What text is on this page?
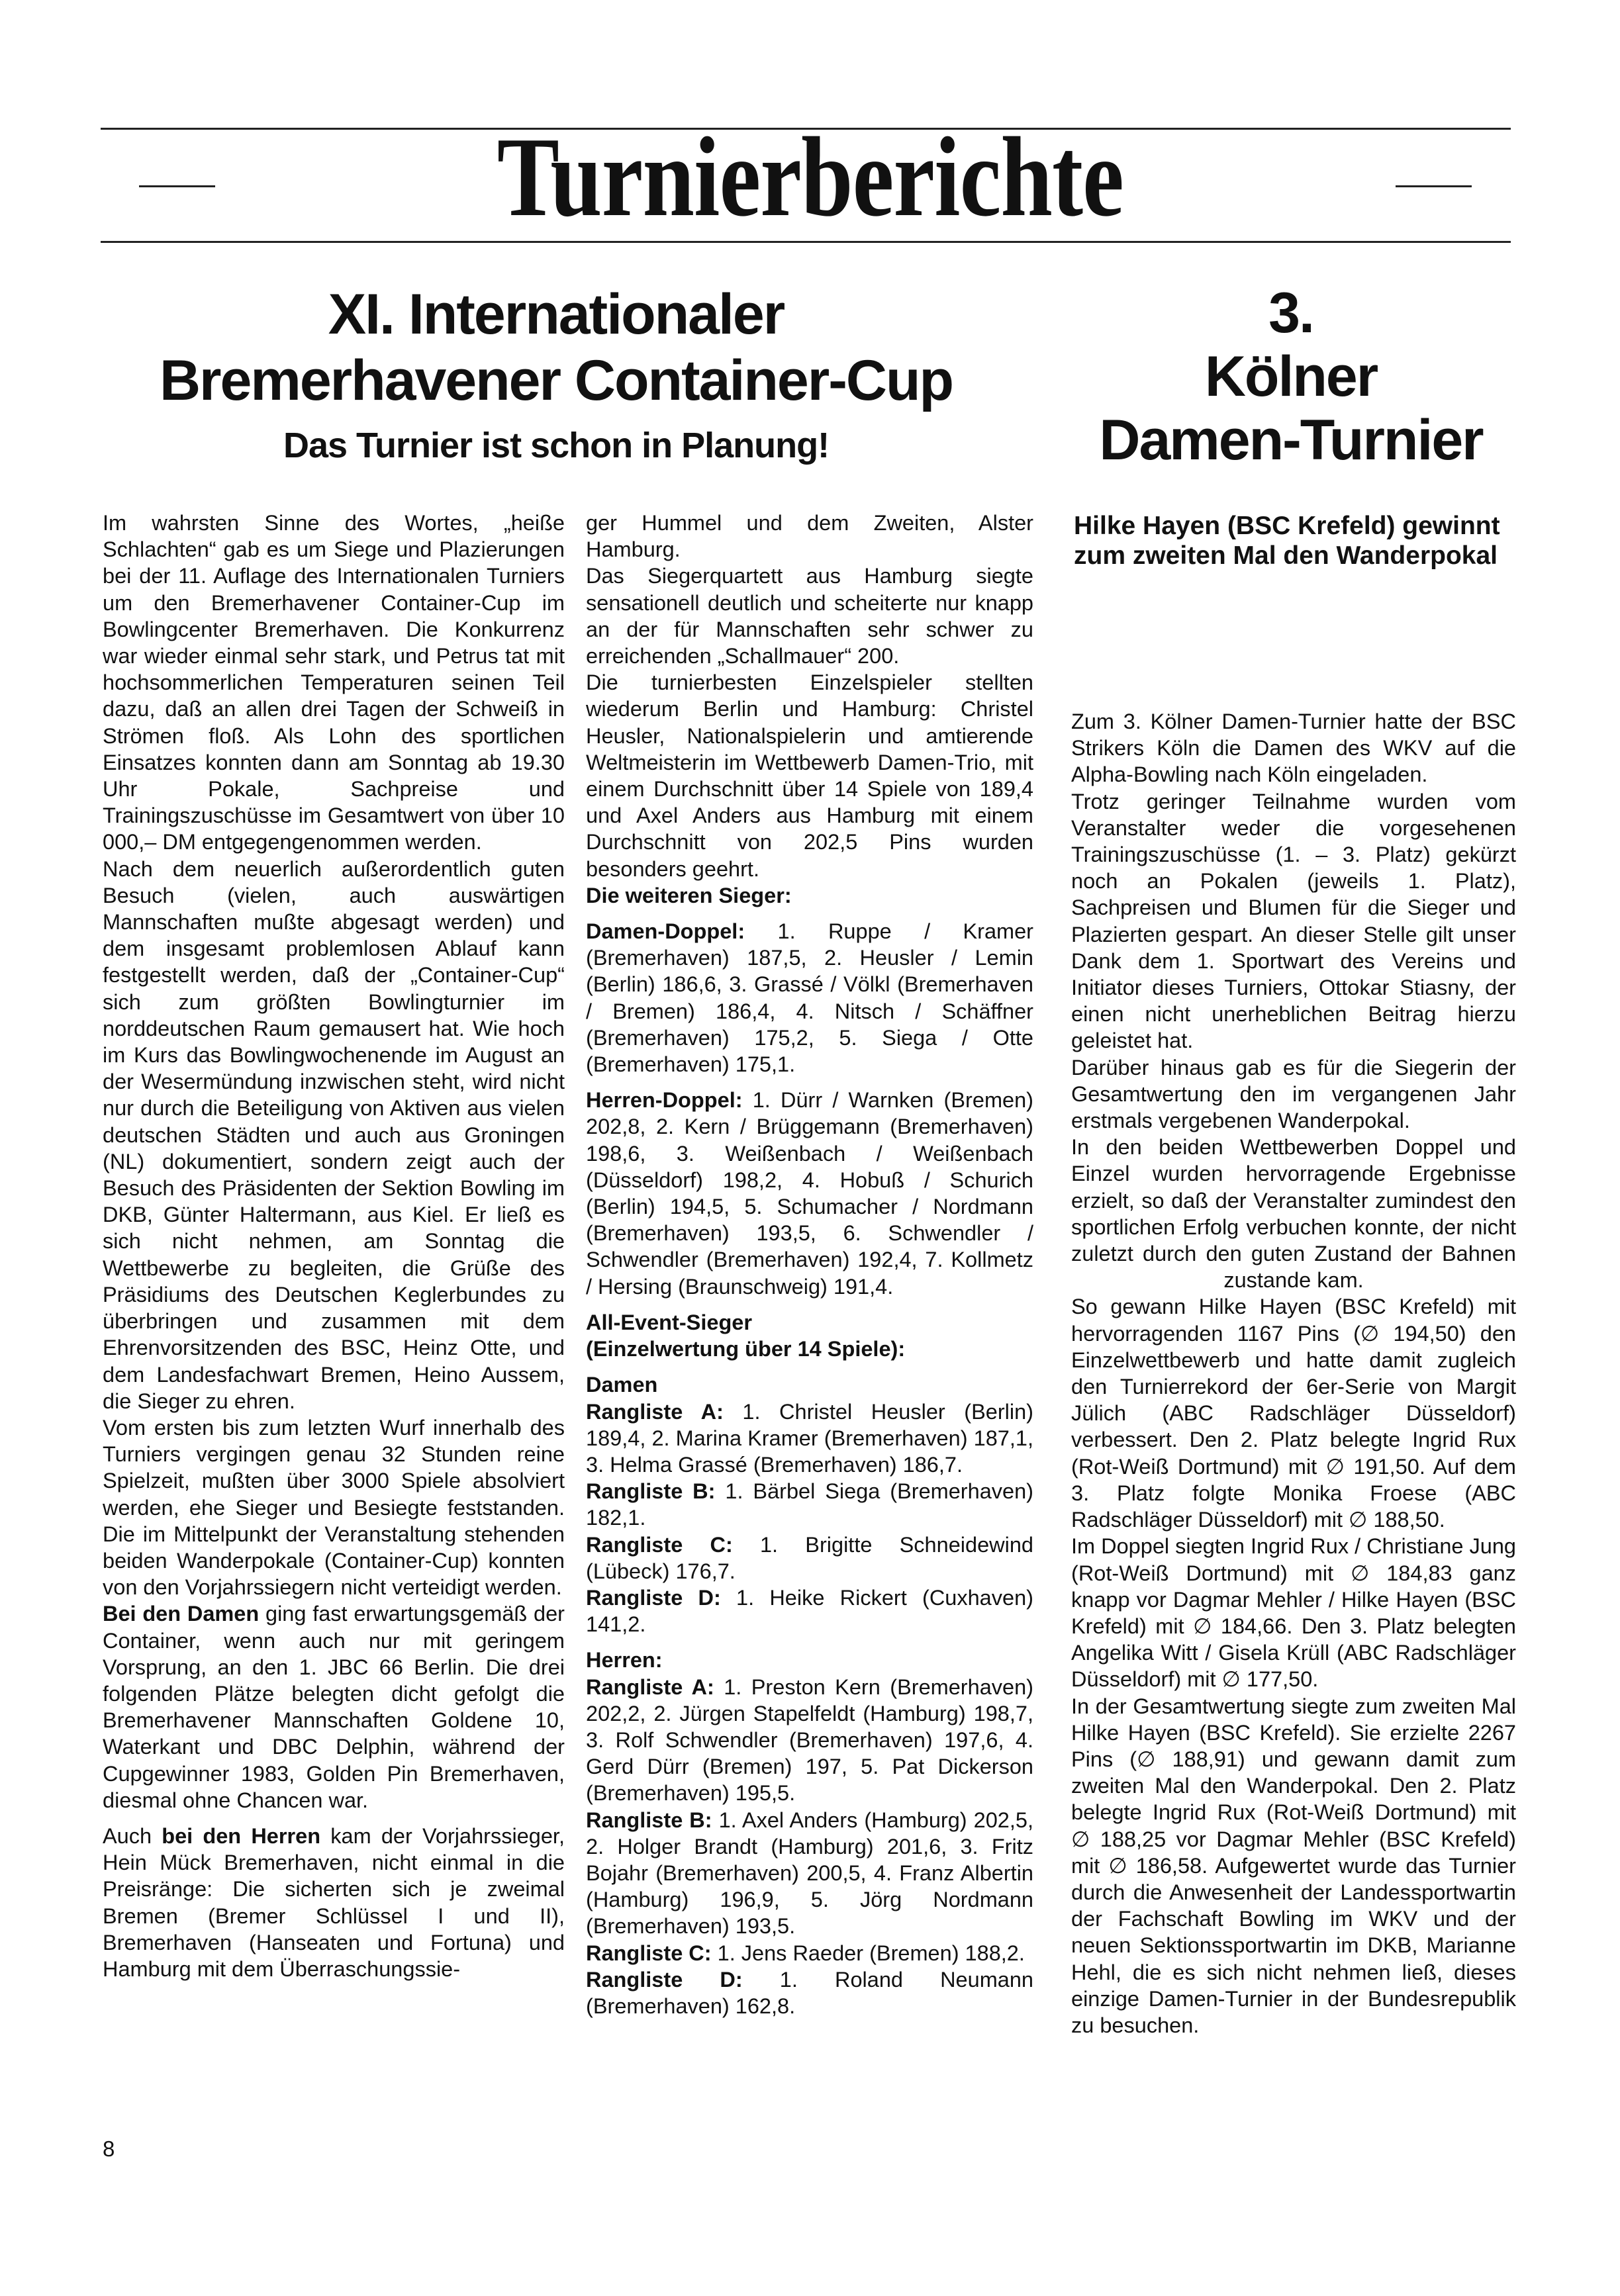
Turnierberichte
XI. Internationaler
Bremerhavener Container-Cup
Das Turnier ist schon in Planung!
3.
Kölner
Damen-Turnier
Hilke Hayen (BSC Krefeld) gewinnt zum zweiten Mal den Wanderpokal

Im wahrsten Sinne des Wortes, „heiße Schlachten“ gab es um Siege und Plazierungen bei der 11. Auflage des Internationalen Turniers um den Bremerhavener Container-Cup im Bowlingcenter Bremerhaven. Die Konkurrenz war wieder einmal sehr stark, und Petrus tat mit hochsommerlichen Temperaturen seinen Teil dazu, daß an allen drei Tagen der Schweiß in Strömen floß. Als Lohn des sportlichen Einsatzes konnten dann am Sonntag ab 19.30 Uhr Pokale, Sachpreise und Trainingszuschüsse im Gesamtwert von über 10 000,– DM entgegengenommen werden.

Nach dem neuerlich außerordentlich guten Besuch (vielen, auch auswärtigen Mannschaften mußte abgesagt werden) und dem insgesamt problemlosen Ablauf kann festgestellt werden, daß der „Container-Cup“ sich zum größten Bowlingturnier im norddeutschen Raum gemausert hat. Wie hoch im Kurs das Bowlingwochenende im August an der Wesermündung inzwischen steht, wird nicht nur durch die Beteiligung von Aktiven aus vielen deutschen Städten und auch aus Groningen (NL) dokumentiert, sondern zeigt auch der Besuch des Präsidenten der Sektion Bowling im DKB, Günter Haltermann, aus Kiel. Er ließ es sich nicht nehmen, am Sonntag die Wettbewerbe zu begleiten, die Grüße des Präsidiums des Deutschen Keglerbundes zu überbringen und zusammen mit dem Ehrenvorsitzenden des BSC, Heinz Otte, und dem Landesfachwart Bremen, Heino Aussem, die Sieger zu ehren.

Vom ersten bis zum letzten Wurf innerhalb des Turniers vergingen genau 32 Stunden reine Spielzeit, mußten über 3000 Spiele absolviert werden, ehe Sieger und Besiegte feststanden. Die im Mittelpunkt der Veranstaltung stehenden beiden Wanderpokale (Container-Cup) konnten von den Vorjahrssiegern nicht verteidigt werden.

Bei den Damen ging fast erwartungsgemäß der Container, wenn auch nur mit geringem Vorsprung, an den 1. JBC 66 Berlin. Die drei folgenden Plätze belegten dicht gefolgt die Bremerhavener Mannschaften Goldene 10, Waterkant und DBC Delphin, während der Cupgewinner 1983, Golden Pin Bremerhaven, diesmal ohne Chancen war.

Auch bei den Herren kam der Vorjahrssieger, Hein Mück Bremerhaven, nicht einmal in die Preisränge: Die sicherten sich je zweimal Bremen (Bremer Schlüssel I und II), Bremerhaven (Hanseaten und Fortuna) und Hamburg mit dem Überraschungssie-

ger Hummel und dem Zweiten, Alster Hamburg.

Das Siegerquartett aus Hamburg siegte sensationell deutlich und scheiterte nur knapp an der für Mannschaften sehr schwer zu erreichenden „Schallmauer“ 200.

Die turnierbesten Einzelspieler stellten wiederum Berlin und Hamburg: Christel Heusler, Nationalspielerin und amtierende Weltmeisterin im Wettbewerb Damen-Trio, mit einem Durchschnitt über 14 Spiele von 189,4 und Axel Anders aus Hamburg mit einem Durchschnitt von 202,5 Pins wurden besonders geehrt.

Die weiteren Sieger:

Damen-Doppel: 1. Ruppe / Kramer (Bremerhaven) 187,5, 2. Heusler / Lemin (Berlin) 186,6, 3. Grassé / Völkl (Bremerhaven / Bremen) 186,4, 4. Nitsch / Schäffner (Bremerhaven) 175,2, 5. Siega / Otte (Bremerhaven) 175,1.

Herren-Doppel: 1. Dürr / Warnken (Bremen) 202,8, 2. Kern / Brüggemann (Bremerhaven) 198,6, 3. Weißenbach / Weißenbach (Düsseldorf) 198,2, 4. Hobuß / Schurich (Berlin) 194,5, 5. Schumacher / Nordmann (Bremerhaven) 193,5, 6. Schwendler / Schwendler (Bremerhaven) 192,4, 7. Kollmetz / Hersing (Braunschweig) 191,4.

All-Event-Sieger

(Einzelwertung über 14 Spiele):

Damen

Rangliste A: 1. Christel Heusler (Berlin) 189,4, 2. Marina Kramer (Bremerhaven) 187,1, 3. Helma Grassé (Bremerhaven) 186,7.

Rangliste B: 1. Bärbel Siega (Bremerhaven) 182,1.

Rangliste C: 1. Brigitte Schneidewind (Lübeck) 176,7.

Rangliste D: 1. Heike Rickert (Cuxhaven) 141,2.

Herren:

Rangliste A: 1. Preston Kern (Bremerhaven) 202,2, 2. Jürgen Stapelfeldt (Hamburg) 198,7, 3. Rolf Schwendler (Bremerhaven) 197,6, 4. Gerd Dürr (Bremen) 197, 5. Pat Dickerson (Bremerhaven) 195,5.

Rangliste B: 1. Axel Anders (Hamburg) 202,5, 2. Holger Brandt (Hamburg) 201,6, 3. Fritz Bojahr (Bremerhaven) 200,5, 4. Franz Albertin (Hamburg) 196,9, 5. Jörg Nordmann (Bremerhaven) 193,5.

Rangliste C: 1. Jens Raeder (Bremen) 188,2.

Rangliste D: 1. Roland Neumann (Bremerhaven) 162,8.

Zum 3. Kölner Damen-Turnier hatte der BSC Strikers Köln die Damen des WKV auf die Alpha-Bowling nach Köln eingeladen.

Trotz geringer Teilnahme wurden vom Veranstalter weder die vorgesehenen Trainingszuschüsse (1. – 3. Platz) gekürzt noch an Pokalen (jeweils 1. Platz), Sachpreisen und Blumen für die Sieger und Plazierten gespart. An dieser Stelle gilt unser Dank dem 1. Sportwart des Vereins und Initiator dieses Turniers, Ottokar Stiasny, der einen nicht unerheblichen Beitrag hierzu geleistet hat.

Darüber hinaus gab es für die Siegerin der Gesamtwertung den im vergangenen Jahr erstmals vergebenen Wanderpokal.

In den beiden Wettbewerben Doppel und Einzel wurden hervorragende Ergebnisse erzielt, so daß der Veranstalter zumindest den sportlichen Erfolg verbuchen konnte, der nicht zuletzt durch den guten Zustand der Bahnen zustande kam.

So gewann Hilke Hayen (BSC Krefeld) mit hervorragenden 1167 Pins (∅ 194,50) den Einzelwettbewerb und hatte damit zugleich den Turnierrekord der 6er-Serie von Margit Jülich (ABC Radschläger Düsseldorf) verbessert. Den 2. Platz belegte Ingrid Rux (Rot-Weiß Dortmund) mit ∅ 191,50. Auf dem 3. Platz folgte Monika Froese (ABC Radschläger Düsseldorf) mit ∅ 188,50.

Im Doppel siegten Ingrid Rux / Christiane Jung (Rot-Weiß Dortmund) mit ∅ 184,83 ganz knapp vor Dagmar Mehler / Hilke Hayen (BSC Krefeld) mit ∅ 184,66. Den 3. Platz belegten Angelika Witt / Gisela Krüll (ABC Radschläger Düsseldorf) mit ∅ 177,50.

In der Gesamtwertung siegte zum zweiten Mal Hilke Hayen (BSC Krefeld). Sie erzielte 2267 Pins (∅ 188,91) und gewann damit zum zweiten Mal den Wanderpokal. Den 2. Platz belegte Ingrid Rux (Rot-Weiß Dortmund) mit ∅ 188,25 vor Dagmar Mehler (BSC Krefeld) mit ∅ 186,58. Aufgewertet wurde das Turnier durch die Anwesenheit der Landessportwartin der Fachschaft Bowling im WKV und der neuen Sektionssportwartin im DKB, Marianne Hehl, die es sich nicht nehmen ließ, dieses einzige Damen-Turnier in der Bundesrepublik zu besuchen.

8
